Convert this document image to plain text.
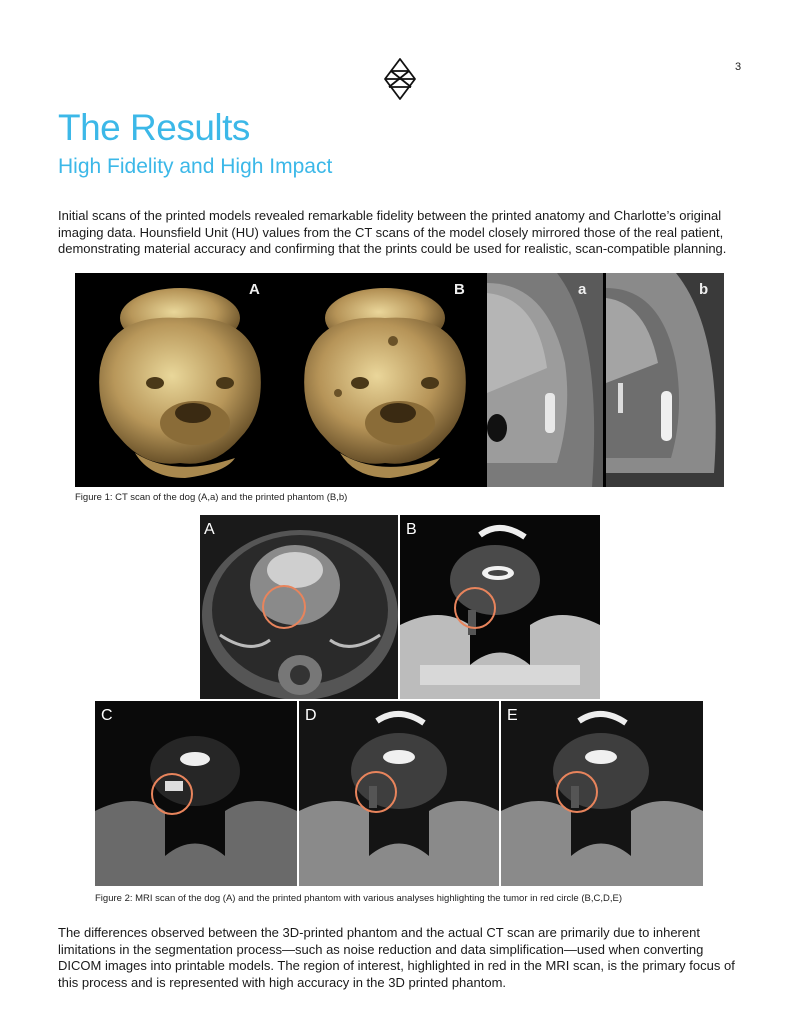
3
The Results
High Fidelity and High Impact

Initial scans of the printed models revealed remarkable fidelity between the printed anatomy and Charlotte’s original imaging data. Hounsfield Unit (HU) values from the CT scans of the model closely mirrored those of the real patient, demonstrating material accuracy and confirming that the prints could be used for realistic, scan-compatible planning.

A	B	a	b
Figure 1: CT scan of the dog (A,a) and the printed phantom (B,b)
A	B
C	D	E
Figure 2: MRI scan of the dog (A) and the printed phantom with various analyses highlighting the tumor in red circle (B,C,D,E)

The differences observed between the 3D-printed phantom and the actual CT scan are primarily due to inherent limitations in the segmentation process—such as noise reduction and data simplification—used when converting DICOM images into printable models. The region of interest, highlighted in red in the MRI scan, is the primary focus of this process and is represented with high accuracy in the 3D printed phantom.
